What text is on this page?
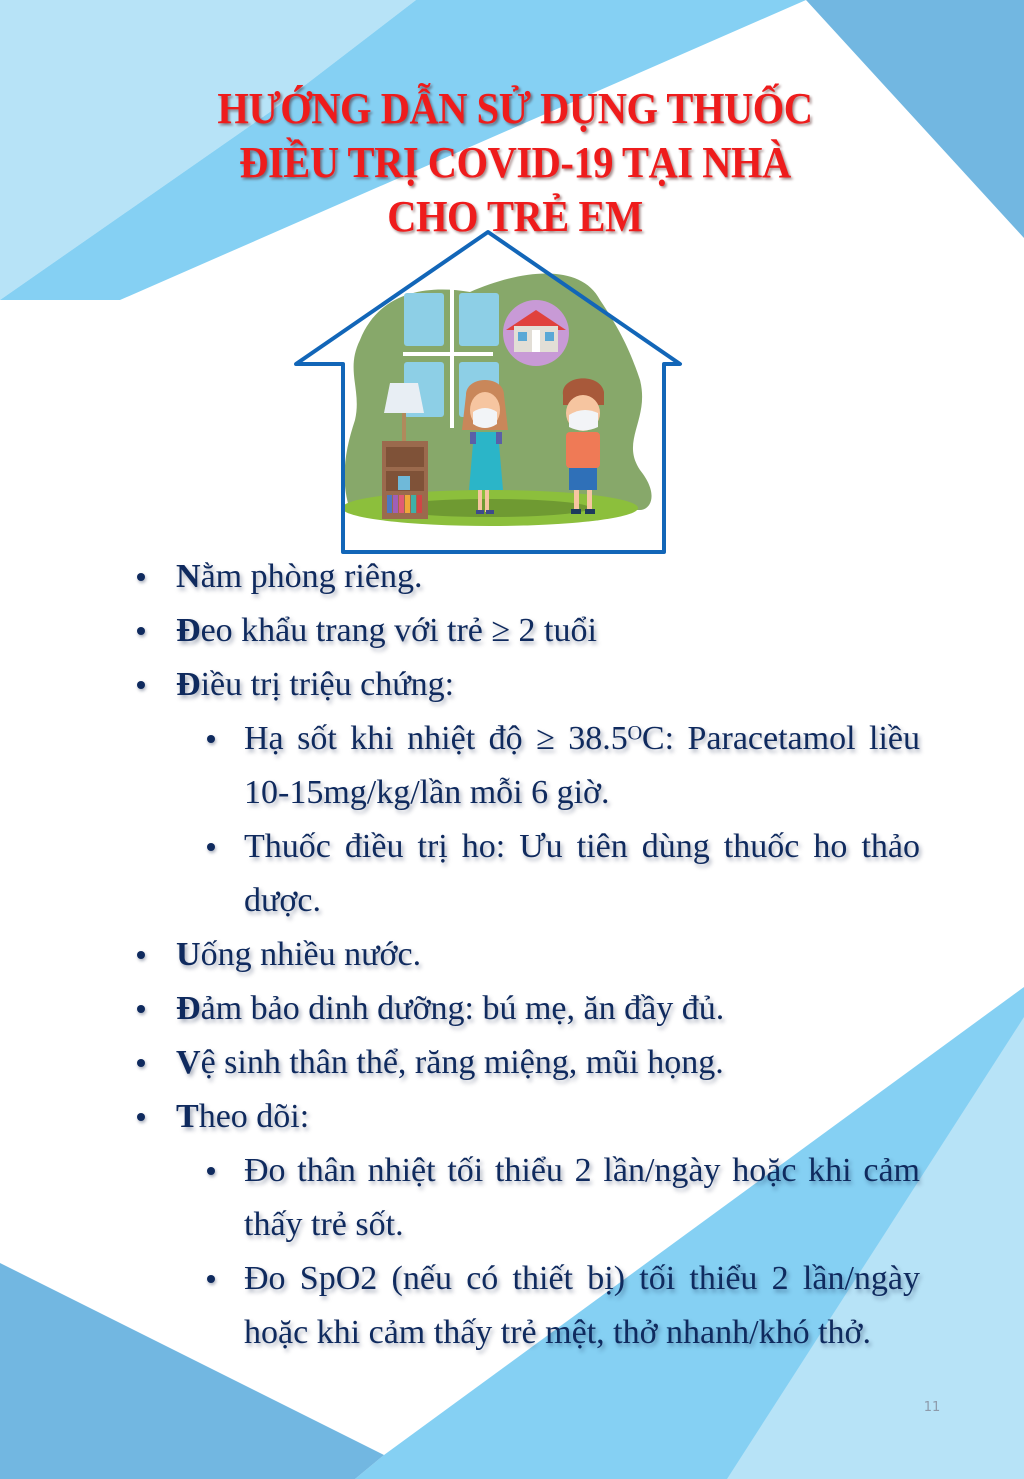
HƯỚNG DẪN SỬ DỤNG THUỐC
ĐIỀU TRỊ COVID-19 TẠI NHÀ
CHO TRẺ EM
Nằm phòng riêng.
Đeo khẩu trang với trẻ ≥ 2 tuổi
Điều trị triệu chứng:
Hạ sốt khi nhiệt độ ≥ 38.5ᴼC: Paracetamol liều 10-15mg/kg/lần mỗi 6 giờ.
Thuốc điều trị ho: Ưu tiên dùng thuốc ho thảo dược.
Uống nhiều nước.
Đảm bảo dinh dưỡng: bú mẹ, ăn đầy đủ.
Vệ sinh thân thể, răng miệng, mũi họng.
Theo dõi:
Đo thân nhiệt tối thiểu 2 lần/ngày hoặc khi cảm thấy trẻ sốt.
Đo SpO2 (nếu có thiết bị) tối thiểu 2 lần/ngày hoặc khi cảm thấy trẻ mệt, thở nhanh/khó thở.
11
